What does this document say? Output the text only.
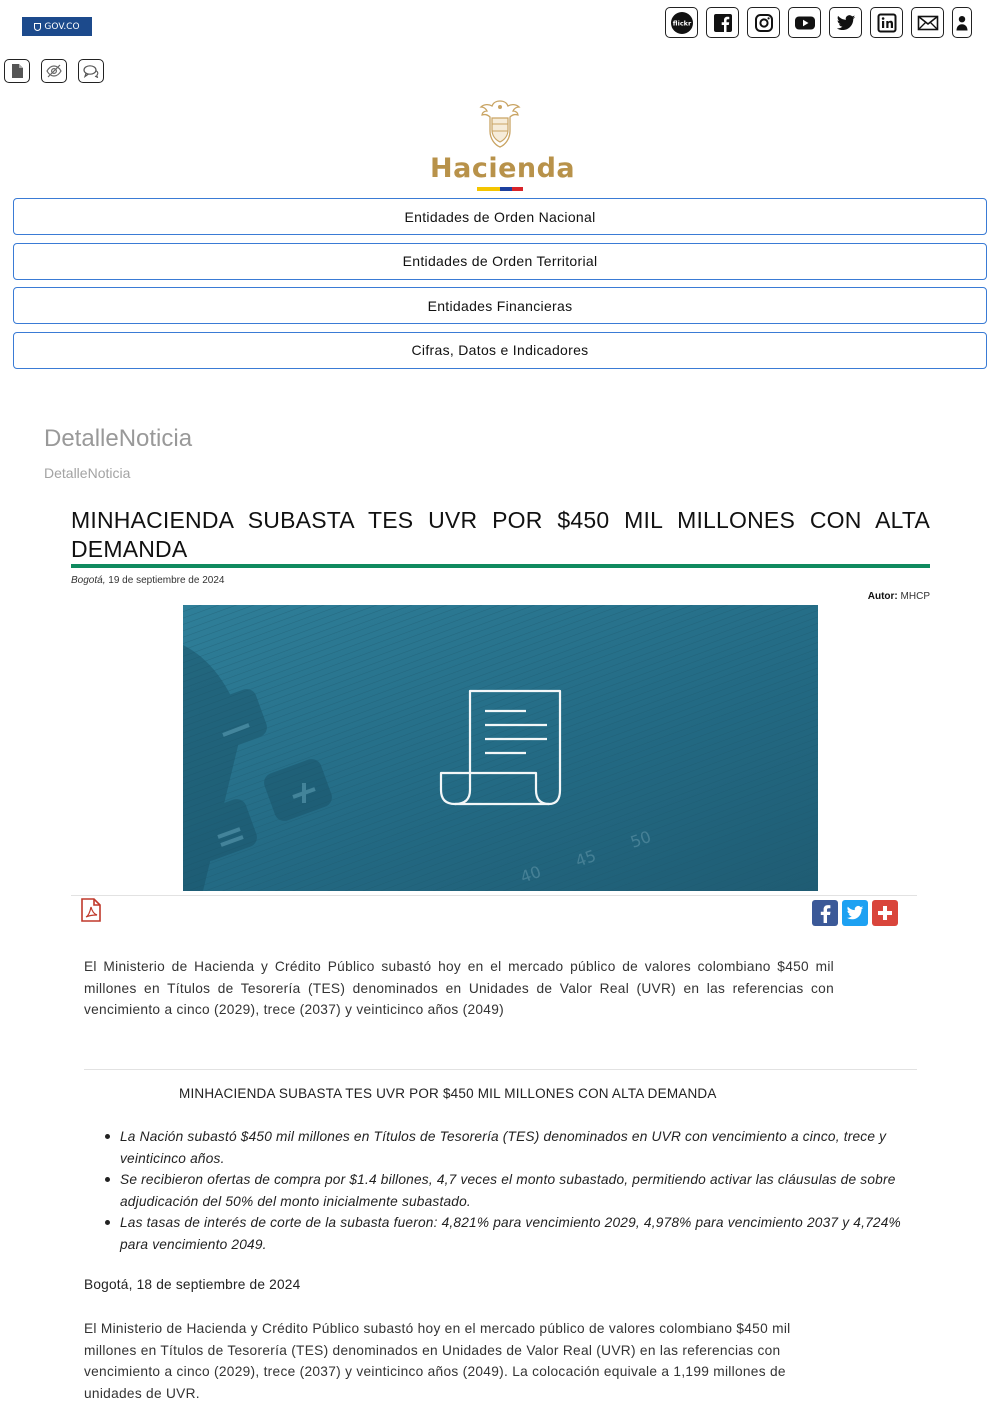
GOV.CO	flickr
Hacienda
Entidades de Orden Nacional
Entidades de Orden Territorial
Entidades Financieras
Cifras, Datos e Indicadores
DetalleNoticia
DetalleNoticia
MINHACIENDA SUBASTA TES UVR POR $450 MIL MILLONES CON ALTA DEMANDA
Bogotá, 19 de septiembre de 2024
Autor: MHCP
40
45
50

El Ministerio de Hacienda y Crédito Público subastó hoy en el mercado público de valores colombiano $450 mil millones en Títulos de Tesorería (TES) denominados en Unidades de Valor Real (UVR) en las referencias con vencimiento a cinco (2029), trece (2037) y veinticinco años (2049)

MINHACIENDA SUBASTA TES UVR POR $450 MIL MILLONES CON ALTA DEMANDA
La Nación subastó $450 mil millones en Títulos de Tesorería (TES) denominados en UVR con vencimiento a cinco, trece y veinticinco años.
Se recibieron ofertas de compra por $1.4 billones, 4,7 veces el monto subastado, permitiendo activar las cláusulas de sobre adjudicación del 50% del monto inicialmente subastado.
Las tasas de interés de corte de la subasta fueron: 4,821% para vencimiento 2029, 4,978% para vencimiento 2037 y 4,724% para vencimiento 2049.
Bogotá, 18 de septiembre de 2024

El Ministerio de Hacienda y Crédito Público subastó hoy en el mercado público de valores colombiano $450 mil millones en Títulos de Tesorería (TES) denominados en Unidades de Valor Real (UVR) en las referencias con vencimiento a cinco (2029), trece (2037) y veinticinco años (2049). La colocación equivale a 1,199 millones de unidades de UVR.
